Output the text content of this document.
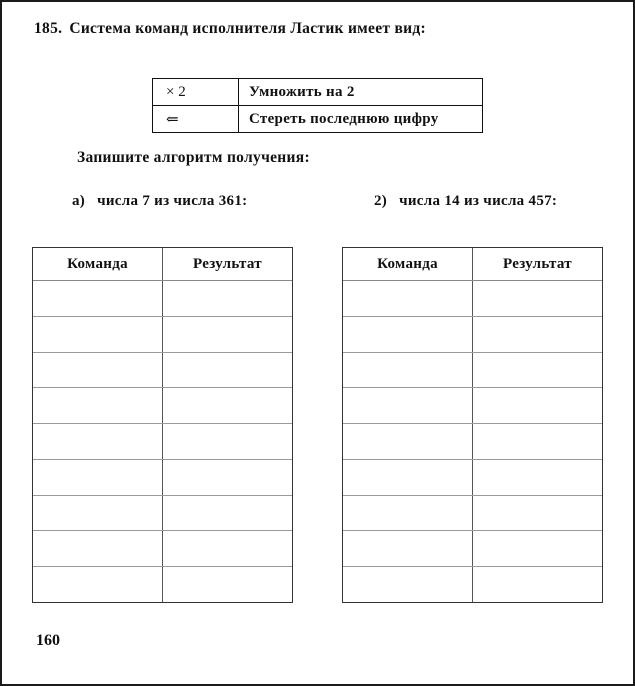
185. Система команд исполнителя Ластик имеет вид:
× 2	Умножить на 2
⇐	Стереть последнюю цифру
Запишите алгоритм получения:
а) числа 7 из числа 361:	2) числа 14 из числа 457:
Команда	Результат	Команда	Результат
160
